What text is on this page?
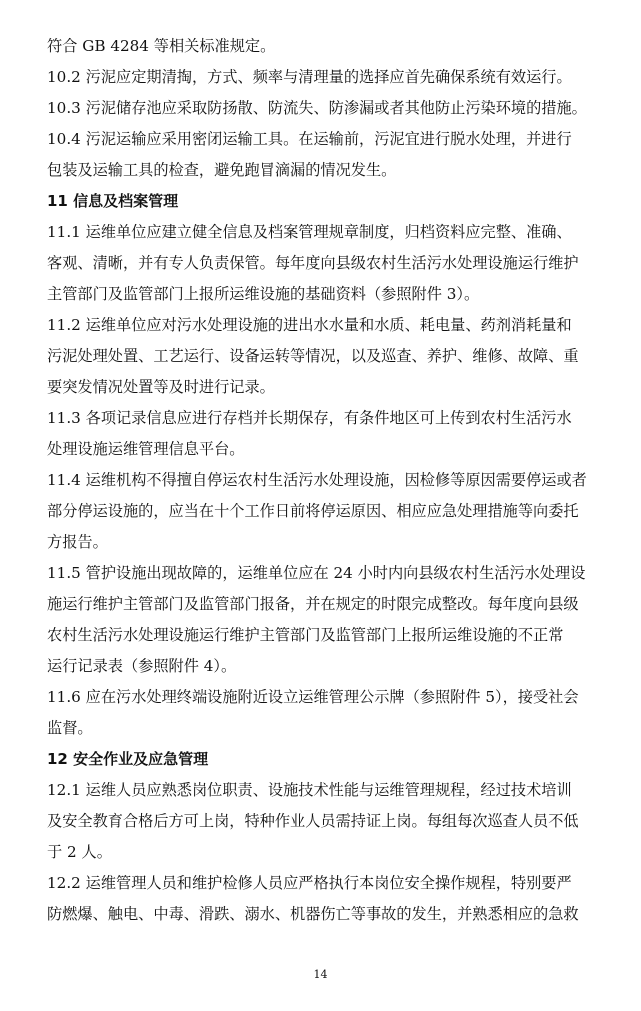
符合 GB 4284 等相关标准规定。
10.2 污泥应定期清掏，方式、频率与清理量的选择应首先确保系统有效运行。
10.3 污泥储存池应采取防扬散、防流失、防渗漏或者其他防止污染环境的措施。
10.4 污泥运输应采用密闭运输工具。在运输前，污泥宜进行脱水处理，并进行
包装及运输工具的检查，避免跑冒滴漏的情况发生。
11 信息及档案管理
11.1 运维单位应建立健全信息及档案管理规章制度，归档资料应完整、准确、
客观、清晰，并有专人负责保管。每年度向县级农村生活污水处理设施运行维护
主管部门及监管部门上报所运维设施的基础资料（参照附件 3）。
11.2 运维单位应对污水处理设施的进出水水量和水质、耗电量、药剂消耗量和
污泥处理处置、工艺运行、设备运转等情况，以及巡查、养护、维修、故障、重
要突发情况处置等及时进行记录。
11.3 各项记录信息应进行存档并长期保存，有条件地区可上传到农村生活污水
处理设施运维管理信息平台。
11.4 运维机构不得擅自停运农村生活污水处理设施，因检修等原因需要停运或者
部分停运设施的，应当在十个工作日前将停运原因、相应应急处理措施等向委托
方报告。
11.5 管护设施出现故障的，运维单位应在 24 小时内向县级农村生活污水处理设
施运行维护主管部门及监管部门报备，并在规定的时限完成整改。每年度向县级
农村生活污水处理设施运行维护主管部门及监管部门上报所运维设施的不正常
运行记录表（参照附件 4）。
11.6 应在污水处理终端设施附近设立运维管理公示牌（参照附件 5），接受社会
监督。
12 安全作业及应急管理
12.1 运维人员应熟悉岗位职责、设施技术性能与运维管理规程，经过技术培训
及安全教育合格后方可上岗，特种作业人员需持证上岗。每组每次巡查人员不低
于 2 人。
12.2 运维管理人员和维护检修人员应严格执行本岗位安全操作规程，特别要严
防燃爆、触电、中毒、滑跌、溺水、机器伤亡等事故的发生，并熟悉相应的急救
14
